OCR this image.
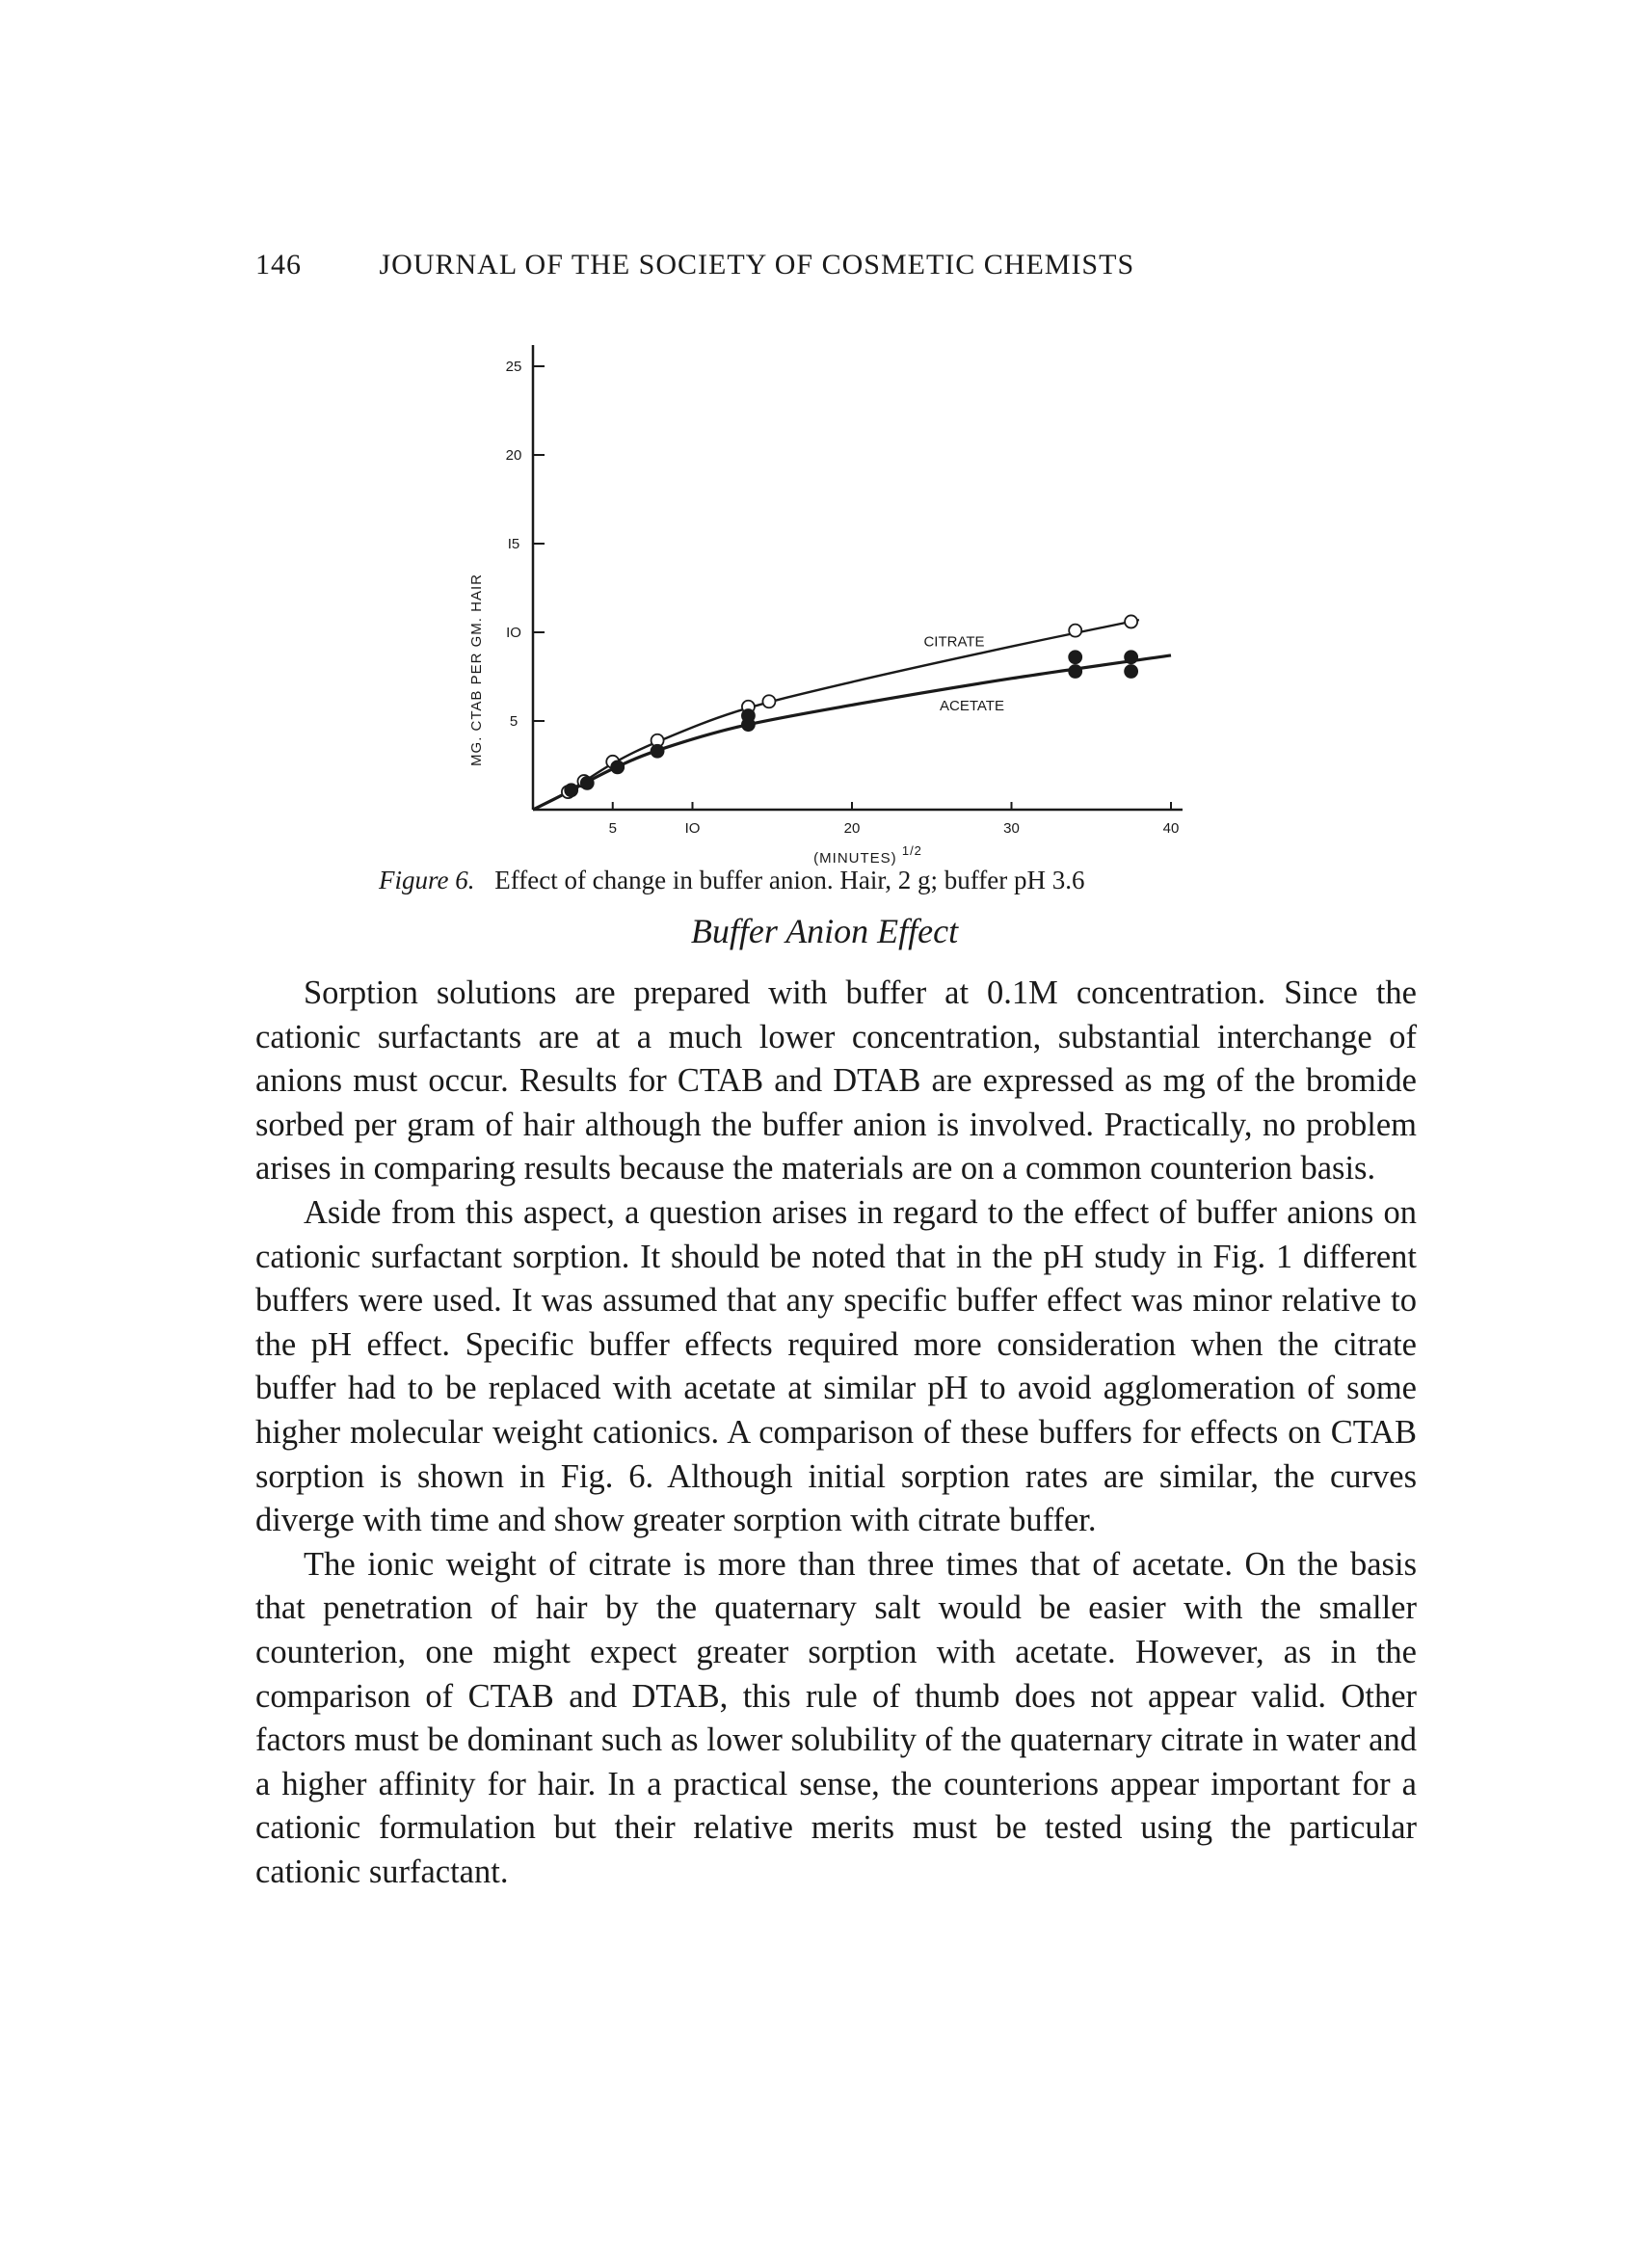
146	JOURNAL OF THE SOCIETY OF COSMETIC CHEMISTS
5
IO
I5
20
25
5	IO	20	30	40
MG. CTAB PER GM. HAIR	CITRATE
ACETATE
(MINUTES) 1/2
Figure 6. Effect of change in buffer anion. Hair, 2 g; buffer pH 3.6
Buffer Anion Effect

Sorption solutions are prepared with buffer at 0.1M concentration. Since the cationic surfactants are at a much lower concentration, substantial interchange of anions must occur. Results for CTAB and DTAB are expressed as mg of the bromide sorbed per gram of hair although the buffer anion is involved. Practically, no problem arises in comparing results because the materials are on a common counterion basis.

Aside from this aspect, a question arises in regard to the effect of buffer anions on cationic surfactant sorption. It should be noted that in the pH study in Fig. 1 different buffers were used. It was assumed that any specific buffer effect was minor relative to the pH effect. Specific buffer effects required more consideration when the citrate buffer had to be replaced with acetate at similar pH to avoid agglomeration of some higher molecular weight cationics. A comparison of these buffers for effects on CTAB sorption is shown in Fig. 6. Although initial sorption rates are similar, the curves diverge with time and show greater sorption with citrate buffer.

The ionic weight of citrate is more than three times that of acetate. On the basis that penetration of hair by the quaternary salt would be easier with the smaller counterion, one might expect greater sorption with acetate. However, as in the comparison of CTAB and DTAB, this rule of thumb does not appear valid. Other factors must be dominant such as lower solubility of the quaternary citrate in water and a higher affinity for hair. In a practical sense, the counterions appear important for a cationic formulation but their relative merits must be tested using the particular cationic surfactant.
